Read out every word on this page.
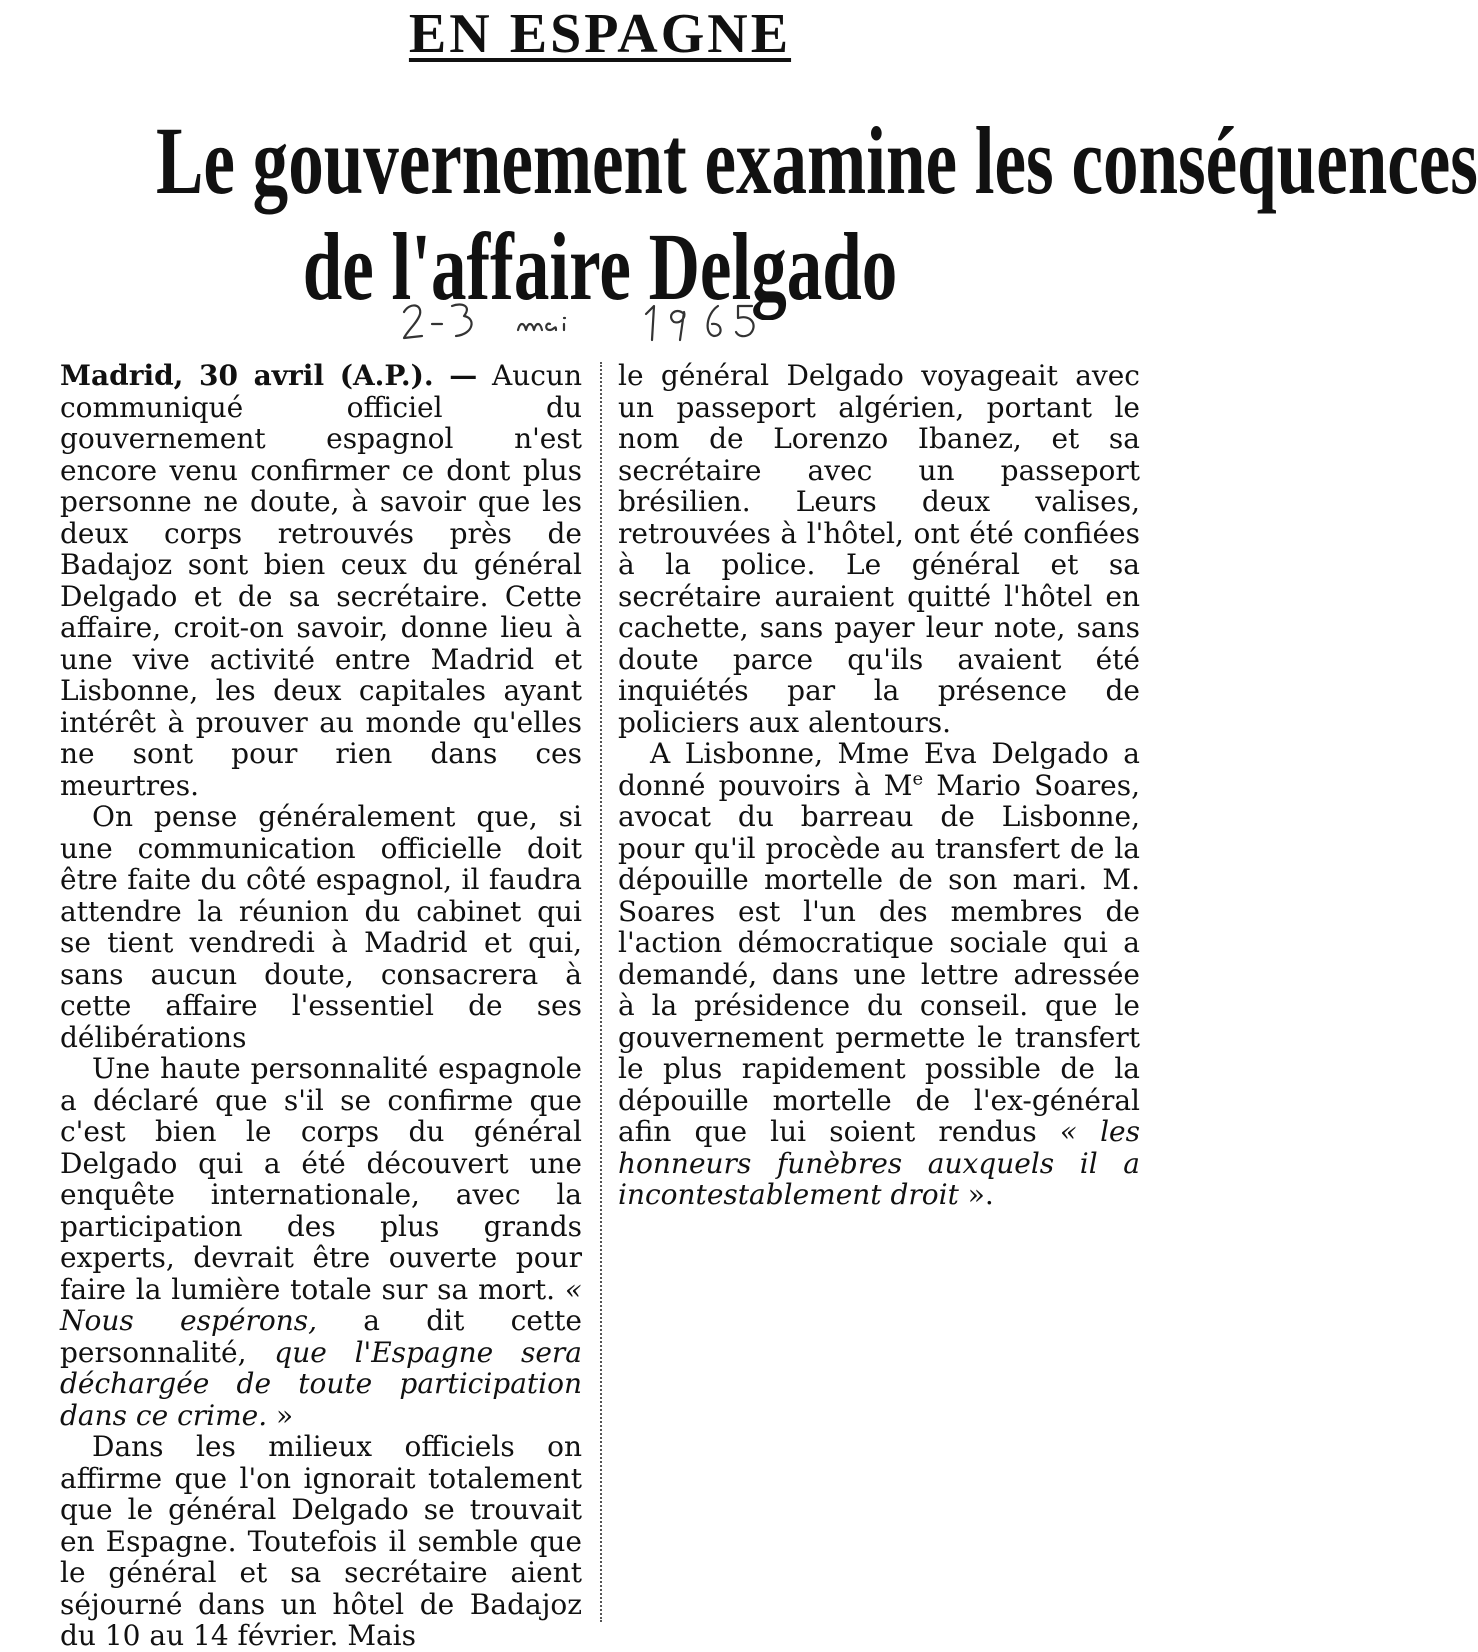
EN ESPAGNE
Le gouvernement examine les conséquences
de l'affaire Delgado

Madrid, 30 avril (A.P.). — Aucun communiqué officiel du gouvernement espagnol n'est encore venu confirmer ce dont plus personne ne doute, à savoir que les deux corps retrouvés près de Badajoz sont bien ceux du général Delgado et de sa secrétaire. Cette affaire, croit-on savoir, donne lieu à une vive activité entre Madrid et Lisbonne, les deux capitales ayant intérêt à prouver au monde qu'elles ne sont pour rien dans ces meurtres.

On pense généralement que, si une communication officielle doit être faite du côté espagnol, il faudra attendre la réunion du cabinet qui se tient vendredi à Madrid et qui, sans aucun doute, consacrera à cette affaire l'essentiel de ses délibérations

Une haute personnalité espagnole a déclaré que s'il se confirme que c'est bien le corps du général Delgado qui a été découvert une enquête internationale, avec la participation des plus grands experts, devrait être ouverte pour faire la lumière totale sur sa mort. « Nous espérons, a dit cette personnalité, que l'Espagne sera déchargée de toute participation dans ce crime. »

Dans les milieux officiels on affirme que l'on ignorait totalement que le général Delgado se trouvait en Espagne. Toutefois il semble que le général et sa secrétaire aient séjourné dans un hôtel de Badajoz du 10 au 14 février. Mais

le général Delgado voyageait avec un passeport algérien, portant le nom de Lorenzo Ibanez, et sa secrétaire avec un passeport brésilien. Leurs deux valises, retrouvées à l'hôtel, ont été confiées à la police. Le général et sa secrétaire auraient quitté l'hôtel en cachette, sans payer leur note, sans doute parce qu'ils avaient été inquiétés par la présence de policiers aux alentours.

A Lisbonne, Mme Eva Delgado a donné pouvoirs à Me Mario Soares, avocat du barreau de Lisbonne, pour qu'il procède au transfert de la dépouille mortelle de son mari. M. Soares est l'un des membres de l'action démocratique sociale qui a demandé, dans une lettre adressée à la présidence du conseil. que le gouvernement permette le transfert le plus rapidement possible de la dépouille mortelle de l'ex-général afin que lui soient rendus « les honneurs funèbres auxquels il a incontestablement droit ».
